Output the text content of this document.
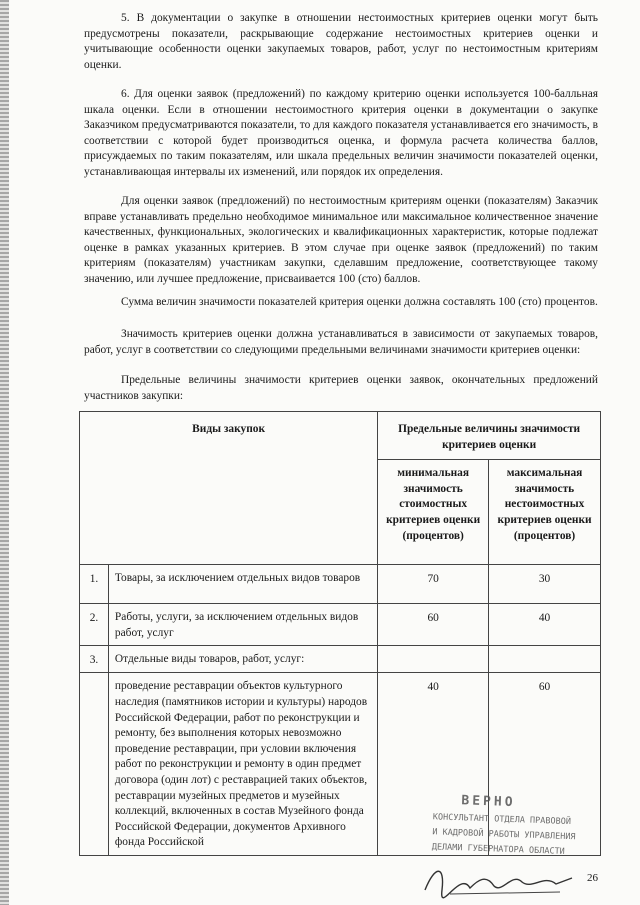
5. В документации о закупке в отношении нестоимостных критериев оценки могут быть предусмотрены показатели, раскрывающие содержание нестоимостных критериев оценки и учитывающие особенности оценки закупаемых товаров, работ, услуг по нестоимостным критериям оценки.

6. Для оценки заявок (предложений) по каждому критерию оценки используется 100-балльная шкала оценки. Если в отношении нестоимостного критерия оценки в документации о закупке Заказчиком предусматриваются показатели, то для каждого показателя устанавливается его значимость, в соответствии с которой будет производиться оценка, и формула расчета количества баллов, присуждаемых по таким показателям, или шкала предельных величин значимости показателей оценки, устанавливающая интервалы их изменений, или порядок их определения.

Для оценки заявок (предложений) по нестоимостным критериям оценки (показателям) Заказчик вправе устанавливать предельно необходимое минимальное или максимальное количественное значение качественных, функциональных, экологических и квалификационных характеристик, которые подлежат оценке в рамках указанных критериев. В этом случае при оценке заявок (предложений) по таким критериям (показателям) участникам закупки, сделавшим предложение, соответствующее такому значению, или лучшее предложение, присваивается 100 (сто) баллов.

Сумма величин значимости показателей критерия оценки должна составлять 100 (сто) процентов.

Значимость критериев оценки должна устанавливаться в зависимости от закупаемых товаров, работ, услуг в соответствии со следующими предельными величинами значимости критериев оценки:

Предельные величины значимости критериев оценки заявок, окончательных предложений участников закупки:

Виды закупок		Предельные величины значимости критериев оценки	
		минимальная значимость стоимостных критериев оценки (процентов)	максимальная значимость нестоимостных критериев оценки (процентов)
1.	Товары, за исключением отдельных видов товаров	70	30
2.	Работы, услуги, за исключением отдельных видов работ, услуг	60	40
3.	Отдельные виды товаров, работ, услуг:		
	проведение реставрации объектов культурного наследия (памятников истории и культуры) народов Российской Федерации, работ по реконструкции и ремонту, без выполнения которых невозможно проведение реставрации, при условии включения работ по реконструкции и ремонту в один предмет договора (один лот) с реставрацией таких объектов, реставрации музейных предметов и музейных коллекций, включенных в состав Музейного фонда Российской Федерации, документов Архивного фонда Российской	40	60
ВЕРНО
КОНСУЛЬТАНТ ОТДЕЛА ПРАВОВОЙ
И КАДРОВОЙ РАБОТЫ УПРАВЛЕНИЯ
ДЕЛАМИ ГУБЕРНАТОРА ОБЛАСТИ
26
